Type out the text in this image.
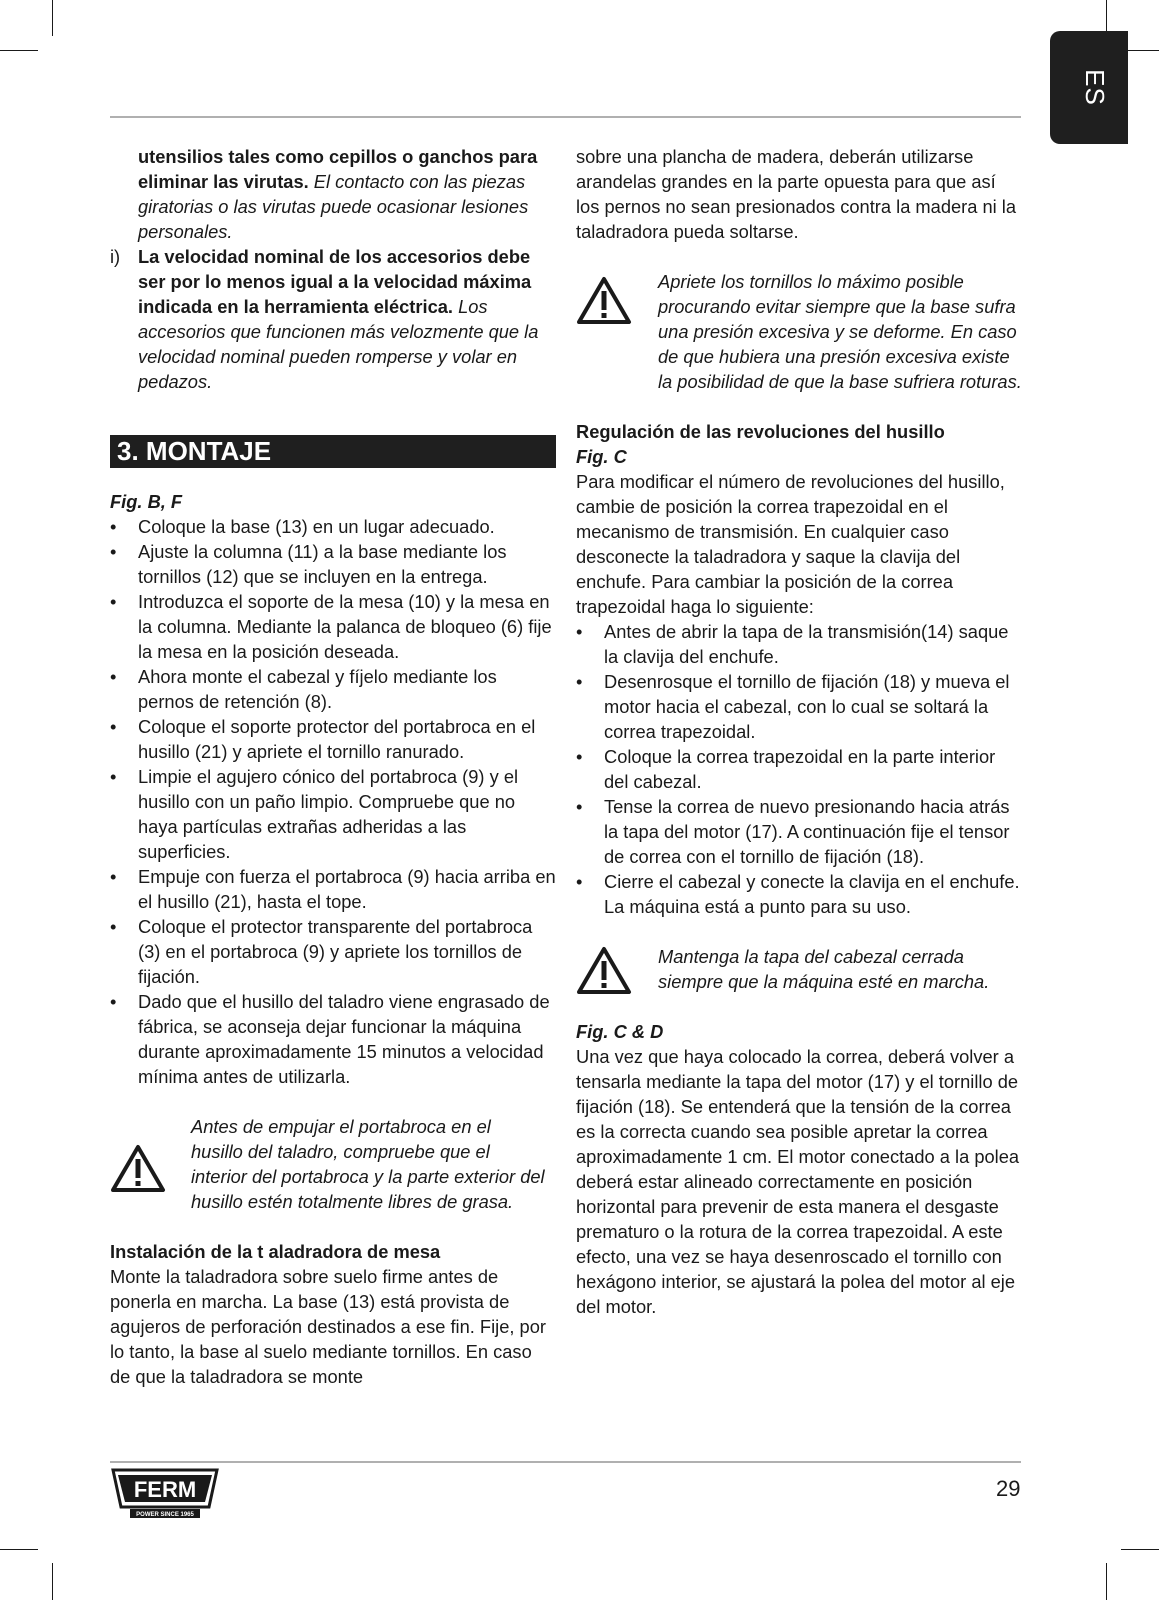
ES

utensilios tales como cepillos o ganchos para eliminar las virutas. El contacto con las piezas giratorias o las virutas puede ocasionar lesiones personales.

i) La velocidad nominal de los accesorios debe ser por lo menos igual a la velocidad máxima indicada en la herramienta eléctrica. Los accesorios que funcionen más velozmente que la velocidad nominal pueden romperse y volar en pedazos.

3. MONTAJE

Fig. B, F

• Coloque la base (13) en un lugar adecuado.
• Ajuste la columna (11) a la base mediante los tornillos (12) que se incluyen en la entrega.
• Introduzca el soporte de la mesa (10) y la mesa en la columna. Mediante la palanca de bloqueo (6) fije la mesa en la posición deseada.
• Ahora monte el cabezal y fíjelo mediante los pernos de retención (8).
• Coloque el soporte protector del portabroca en el husillo (21) y apriete el tornillo ranurado.
• Limpie el agujero cónico del portabroca (9) y el husillo con un paño limpio. Compruebe que no haya partículas extrañas adheridas a las superficies.
• Empuje con fuerza el portabroca (9) hacia arriba en el husillo (21), hasta el tope.
• Coloque el protector transparente del portabroca (3) en el portabroca (9) y apriete los tornillos de fijación.
• Dado que el husillo del taladro viene engrasado de fábrica, se aconseja dejar funcionar la máquina durante aproximadamente 15 minutos a velocidad mínima antes de utilizarla.

Antes de empujar el portabroca en el husillo del taladro, compruebe que el interior del portabroca y la parte exterior del husillo estén totalmente libres de grasa.

Instalación de la t aladradora de mesa

Monte la taladradora sobre suelo firme antes de ponerla en marcha. La base (13) está provista de agujeros de perforación destinados a ese fin. Fije, por lo tanto, la base al suelo mediante tornillos. En caso de que la taladradora se monte

sobre una plancha de madera, deberán utilizarse arandelas grandes en la parte opuesta para que así los pernos no sean presionados contra la madera ni la taladradora pueda soltarse.

Apriete los tornillos lo máximo posible procurando evitar siempre que la base sufra una presión excesiva y se deforme. En caso de que hubiera una presión excesiva existe la posibilidad de que la base sufriera roturas.

Regulación de las revoluciones del husillo

Fig. C

Para modificar el número de revoluciones del husillo, cambie de posición la correa trapezoidal en el mecanismo de transmisión. En cualquier caso desconecte la taladradora y saque la clavija del enchufe. Para cambiar la posición de la correa trapezoidal haga lo siguiente:

• Antes de abrir la tapa de la transmisión(14) saque la clavija del enchufe.
• Desenrosque el tornillo de fijación (18) y mueva el motor hacia el cabezal, con lo cual se soltará la correa trapezoidal.
• Coloque la correa trapezoidal en la parte interior del cabezal.
• Tense la correa de nuevo presionando hacia atrás la tapa del motor (17). A continuación fije el tensor de correa con el tornillo de fijación (18).
• Cierre el cabezal y conecte la clavija en el enchufe. La máquina está a punto para su uso.

Mantenga la tapa del cabezal cerrada siempre que la máquina esté en marcha.

Fig. C & D

Una vez que haya colocado la correa, deberá volver a tensarla mediante la tapa del motor (17) y el tornillo de fijación (18). Se entenderá que la tensión de la correa es la correcta cuando sea posible apretar la correa aproximadamente 1 cm. El motor conectado a la polea deberá estar alineado correctamente en posición horizontal para prevenir de esta manera el desgaste prematuro o la rotura de la correa trapezoidal. A este efecto, una vez se haya desenroscado el tornillo con hexágono interior, se ajustará la polea del motor al eje del motor.

FERM
POWER SINCE 1965
29
